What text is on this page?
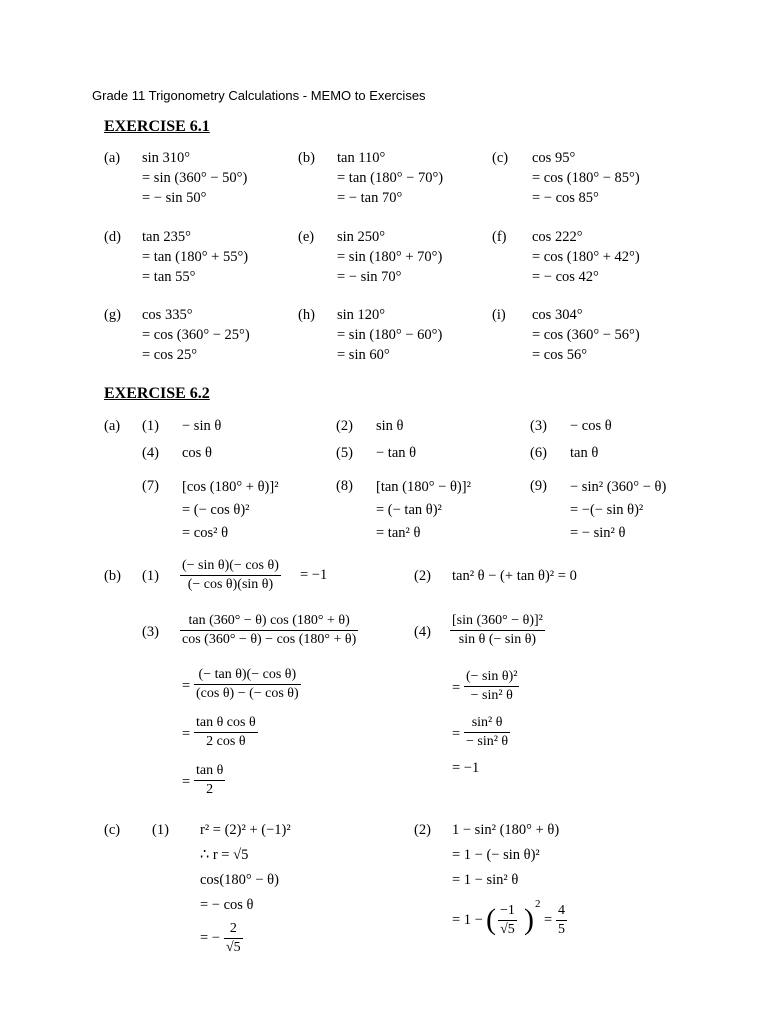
Grade 11 Trigonometry Calculations - MEMO to Exercises
EXERCISE 6.1
(a) sin 310°
= sin (360° − 50°)
= − sin 50°
(b) tan 110°
= tan (180° − 70°)
= − tan 70°
(c) cos 95°
= cos (180° − 85°)
= − cos 85°
(d) tan 235°
= tan (180° + 55°)
= tan 55°
(e) sin 250°
= sin (180° + 70°)
= − sin 70°
(f) cos 222°
= cos (180° + 42°)
= − cos 42°
(g) cos 335°
= cos (360° − 25°)
= cos 25°
(h) sin 120°
= sin (180° − 60°)
= sin 60°
(i) cos 304°
= cos (360° − 56°)
= cos 56°
EXERCISE 6.2
(a) (1) − sin θ	(2) sin θ	(3) − cos θ
(4) cos θ	(5) − tan θ	(6) tan θ
(7) [cos (180° + θ)]²
= (− cos θ)²
= cos² θ
(8) [tan (180° − θ)]²
= (− tan θ)²
= tan² θ
(9) − sin² (360° − θ)
= −(− sin θ)²
= − sin² θ
(b) $(1) \frac{\text{(− sin θ)(− cos θ)}}{\text{(− cos θ)(sin θ)}} = -1$	(2) tan² θ − (+ tan θ)² = 0
$(3) \frac{\tan (360^\circ - \theta) \cos (180^\circ + \theta)}{\cos (360^\circ - \theta) - \cos (180^\circ + \theta)}$
= $\frac{\text{(− tan θ)(− cos θ)}}{\text{(cos θ) − (− cos θ)}}$
= $\frac{\text{tan θ cos θ}}{\text{2 cos θ}}$
= $\frac{\text{tan θ}}{2}$
$(4) \frac{\text{[sin (360° − θ)]²}}{\text{sin θ (− sin θ)}}$
= $\frac{\text{(− sin θ)²}}{\text{− sin² θ}}$
= $\frac{\text{sin² θ}}{\text{− sin² θ}}$
= −1
(c) (1) r² = (2)² + (−1)²
∴ r = √5
cos(180° − θ)
= − cos θ
= − $\frac{2}{√5}$
(2) 1 − sin² (180° + θ)
= 1 − (− sin θ)²
= 1 − sin² θ
= 1 − ( $\frac{-1}{√5}$ ) 2
= $\frac{4}{5}$
